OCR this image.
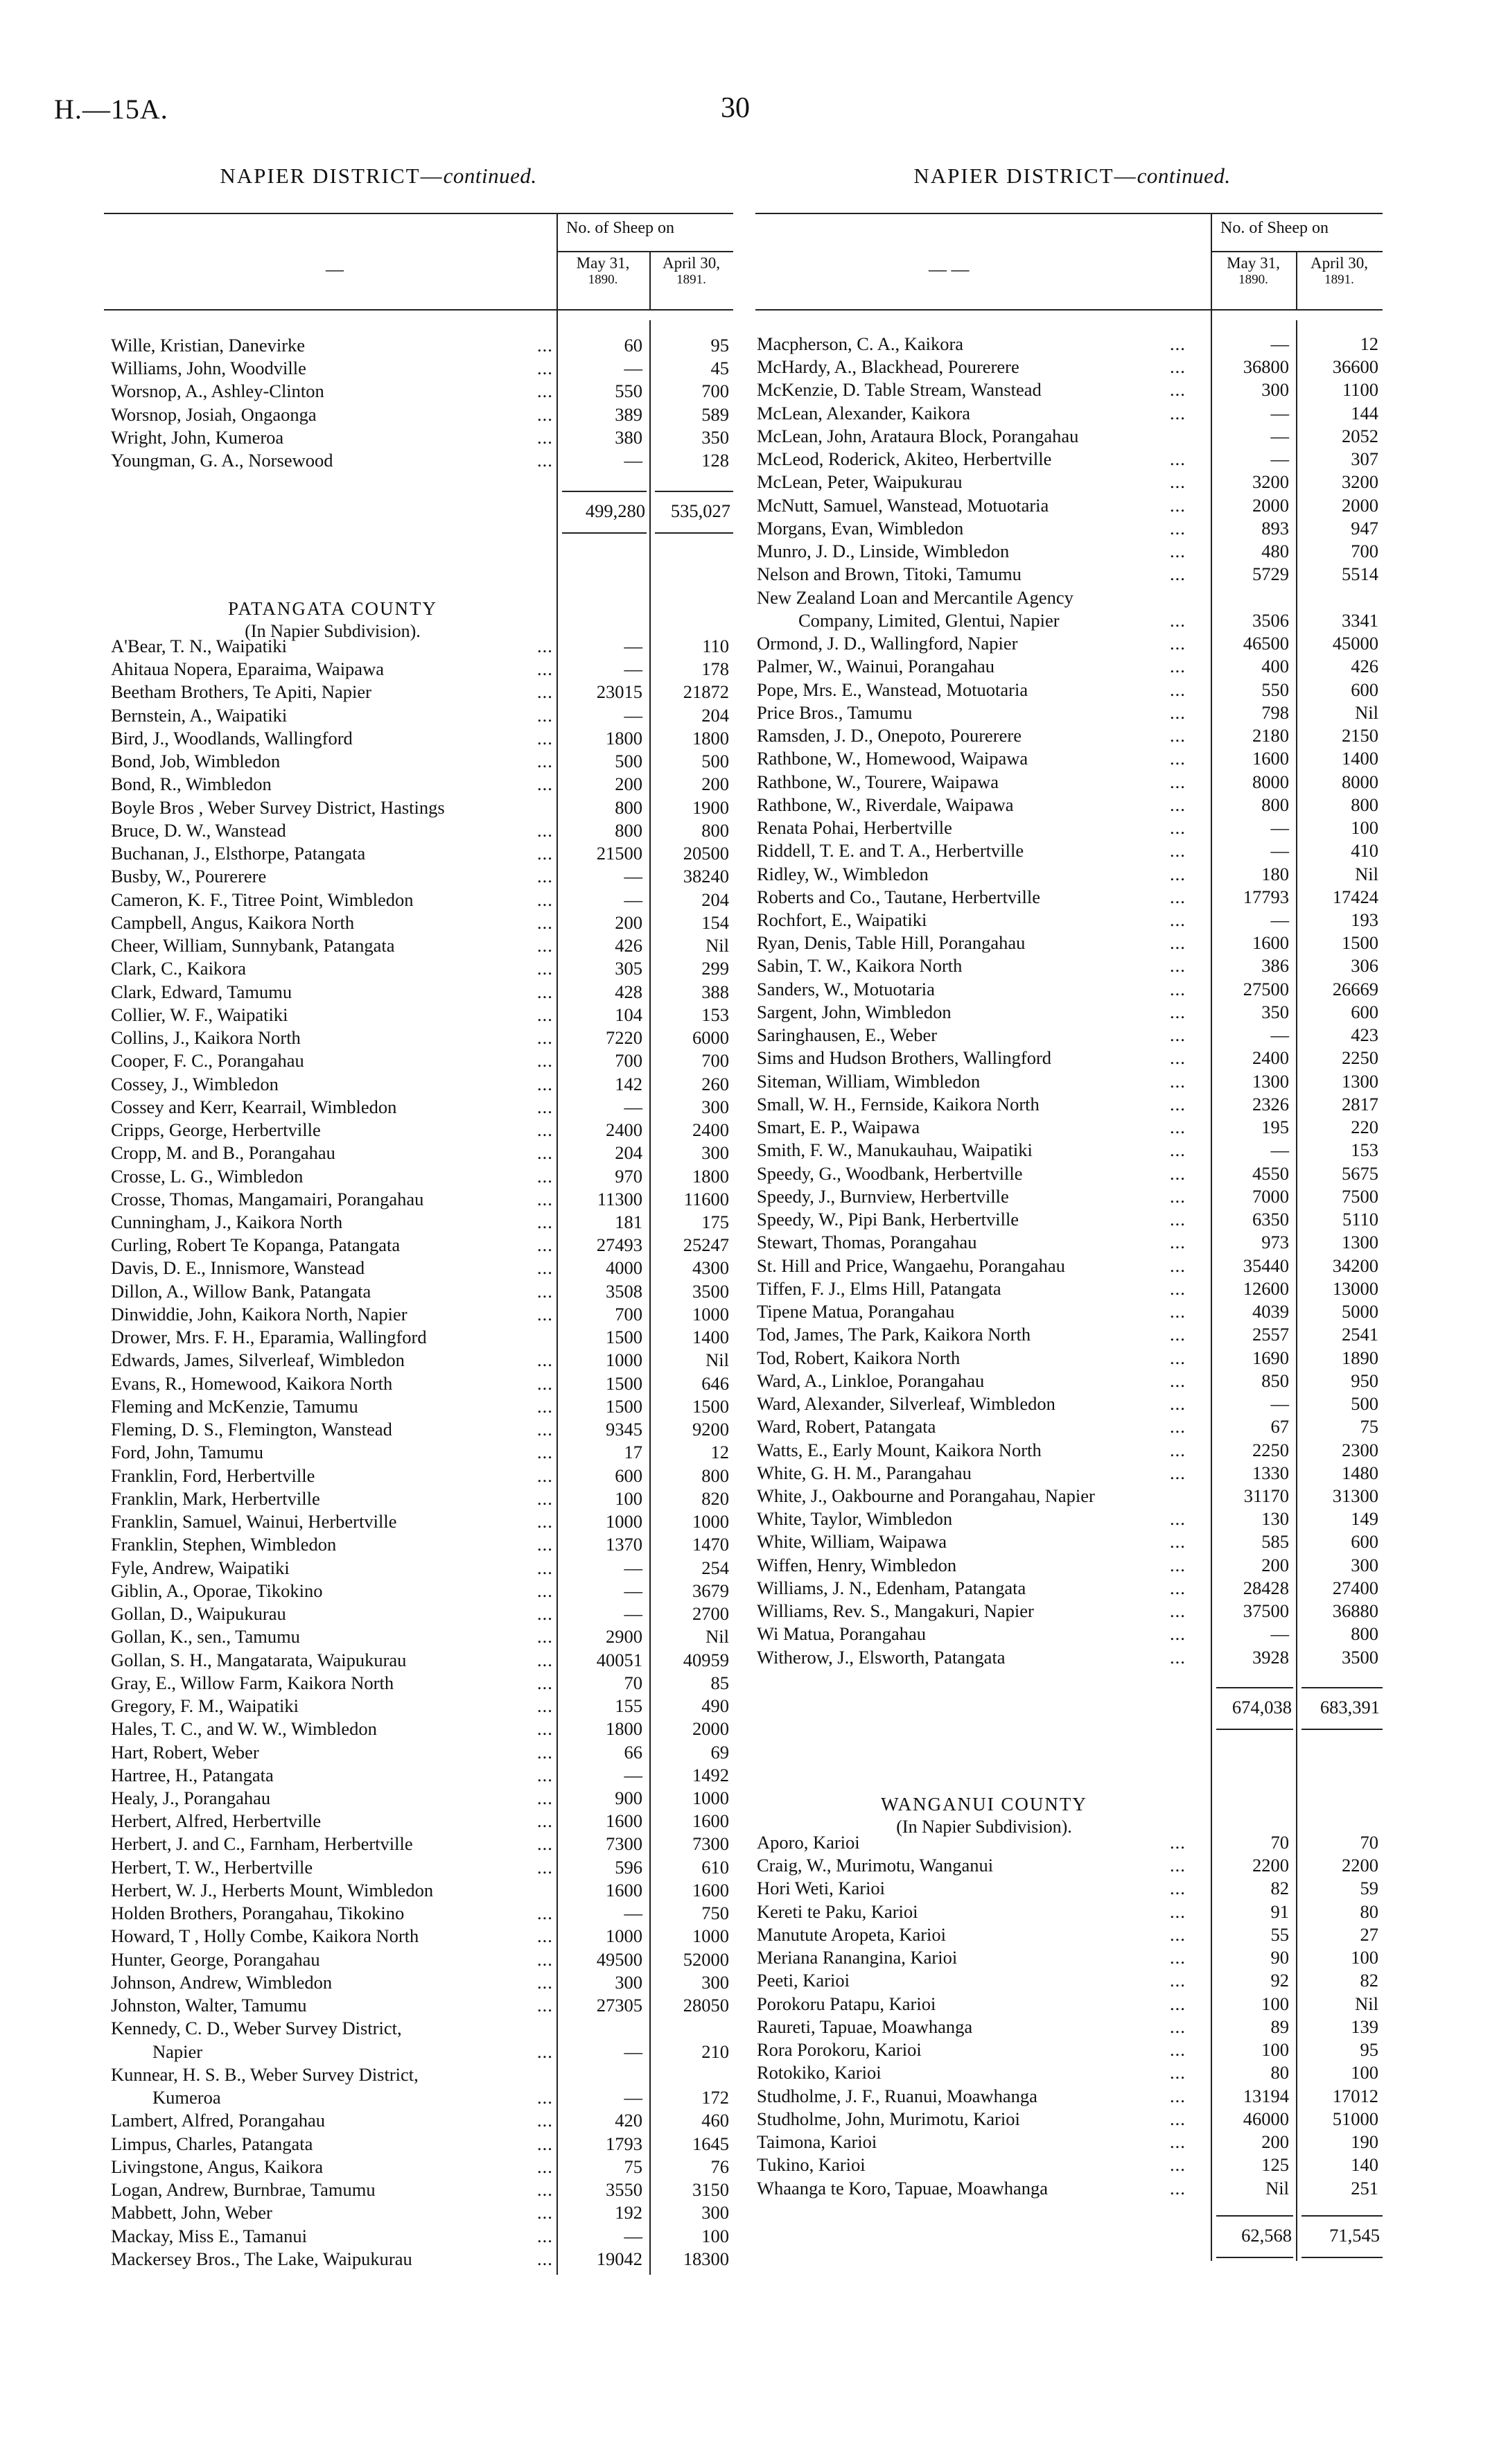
H.—15A.	30
NAPIER DISTRICT—continued.	NAPIER DISTRICT—continued.
—
No. of Sheep on
May 31,
1890.
April 30,
1891.
Wille, Kristian, Danevirke	...	60	95
Williams, John, Woodville	...	—	45
Worsnop, A., Ashley-Clinton	...	550	700
Worsnop, Josiah, Ongaonga	...	389	589
Wright, John, Kumeroa	...	380	350
Youngman, G. A., Norsewood	...	—	128
499,280	535,027
PATANGATA COUNTY
(In Napier Subdivision).
A'Bear, T. N., Waipatiki	...	—	110
Ahitaua Nopera, Eparaima, Waipawa	...	—	178
Beetham Brothers, Te Apiti, Napier	...	23015	21872
Bernstein, A., Waipatiki	...	—	204
Bird, J., Woodlands, Wallingford	...	1800	1800
Bond, Job, Wimbledon	...	500	500
Bond, R., Wimbledon	...	200	200
Boyle Bros , Weber Survey District, Hastings	800	1900
Bruce, D. W., Wanstead	...	800	800
Buchanan, J., Elsthorpe, Patangata	...	21500	20500
Busby, W., Pourerere	...	—	38240
Cameron, K. F., Titree Point, Wimbledon	...	—	204
Campbell, Angus, Kaikora North	...	200	154
Cheer, William, Sunnybank, Patangata	...	426	Nil
Clark, C., Kaikora	...	305	299
Clark, Edward, Tamumu	...	428	388
Collier, W. F., Waipatiki	...	104	153
Collins, J., Kaikora North	...	7220	6000
Cooper, F. C., Porangahau	...	700	700
Cossey, J., Wimbledon	...	142	260
Cossey and Kerr, Kearrail, Wimbledon	...	—	300
Cripps, George, Herbertville	...	2400	2400
Cropp, M. and B., Porangahau	...	204	300
Crosse, L. G., Wimbledon	...	970	1800
Crosse, Thomas, Mangamairi, Porangahau	...	11300	11600
Cunningham, J., Kaikora North	...	181	175
Curling, Robert Te Kopanga, Patangata	...	27493	25247
Davis, D. E., Innismore, Wanstead	...	4000	4300
Dillon, A., Willow Bank, Patangata	...	3508	3500
Dinwiddie, John, Kaikora North, Napier	...	700	1000
Drower, Mrs. F. H., Eparamia, Wallingford	1500	1400
Edwards, James, Silverleaf, Wimbledon	...	1000	Nil
Evans, R., Homewood, Kaikora North	...	1500	646
Fleming and McKenzie, Tamumu	...	1500	1500
Fleming, D. S., Flemington, Wanstead	...	9345	9200
Ford, John, Tamumu	...	17	12
Franklin, Ford, Herbertville	...	600	800
Franklin, Mark, Herbertville	...	100	820
Franklin, Samuel, Wainui, Herbertville	...	1000	1000
Franklin, Stephen, Wimbledon	...	1370	1470
Fyle, Andrew, Waipatiki	...	—	254
Giblin, A., Oporae, Tikokino	...	—	3679
Gollan, D., Waipukurau	...	—	2700
Gollan, K., sen., Tamumu	...	2900	Nil
Gollan, S. H., Mangatarata, Waipukurau	...	40051	40959
Gray, E., Willow Farm, Kaikora North	...	70	85
Gregory, F. M., Waipatiki	...	155	490
Hales, T. C., and W. W., Wimbledon	...	1800	2000
Hart, Robert, Weber	...	66	69
Hartree, H., Patangata	...	—	1492
Healy, J., Porangahau	...	900	1000
Herbert, Alfred, Herbertville	...	1600	1600
Herbert, J. and C., Farnham, Herbertville	...	7300	7300
Herbert, T. W., Herbertville	...	596	610
Herbert, W. J., Herberts Mount, Wimbledon	1600	1600
Holden Brothers, Porangahau, Tikokino	...	—	750
Howard, T , Holly Combe, Kaikora North	...	1000	1000
Hunter, George, Porangahau	...	49500	52000
Johnson, Andrew, Wimbledon	...	300	300
Johnston, Walter, Tamumu	...	27305	28050
Kennedy, C. D., Weber Survey District,
Napier	...	—	210
Kunnear, H. S. B., Weber Survey District,
Kumeroa	...	—	172
Lambert, Alfred, Porangahau	...	420	460
Limpus, Charles, Patangata	...	1793	1645
Livingstone, Angus, Kaikora	...	75	76
Logan, Andrew, Burnbrae, Tamumu	...	3550	3150
Mabbett, John, Weber	...	192	300
Mackay, Miss E., Tamanui	...	—	100
Mackersey Bros., The Lake, Waipukurau	...	19042	18300
— —
No. of Sheep on
May 31,
1890.
April 30,
1891.
Macpherson, C. A., Kaikora	...	—	12
McHardy, A., Blackhead, Pourerere	...	36800	36600
McKenzie, D. Table Stream, Wanstead	...	300	1100
McLean, Alexander, Kaikora	...	—	144
McLean, John, Arataura Block, Porangahau	—	2052
McLeod, Roderick, Akiteo, Herbertville	...	—	307
McLean, Peter, Waipukurau	...	3200	3200
McNutt, Samuel, Wanstead, Motuotaria	...	2000	2000
Morgans, Evan, Wimbledon	...	893	947
Munro, J. D., Linside, Wimbledon	...	480	700
Nelson and Brown, Titoki, Tamumu	...	5729	5514
New Zealand Loan and Mercantile Agency
Company, Limited, Glentui, Napier	...	3506	3341
Ormond, J. D., Wallingford, Napier	...	46500	45000
Palmer, W., Wainui, Porangahau	...	400	426
Pope, Mrs. E., Wanstead, Motuotaria	...	550	600
Price Bros., Tamumu	...	798	Nil
Ramsden, J. D., Onepoto, Pourerere	...	2180	2150
Rathbone, W., Homewood, Waipawa	...	1600	1400
Rathbone, W., Tourere, Waipawa	...	8000	8000
Rathbone, W., Riverdale, Waipawa	...	800	800
Renata Pohai, Herbertville	...	—	100
Riddell, T. E. and T. A., Herbertville	...	—	410
Ridley, W., Wimbledon	...	180	Nil
Roberts and Co., Tautane, Herbertville	...	17793	17424
Rochfort, E., Waipatiki	...	—	193
Ryan, Denis, Table Hill, Porangahau	...	1600	1500
Sabin, T. W., Kaikora North	...	386	306
Sanders, W., Motuotaria	...	27500	26669
Sargent, John, Wimbledon	...	350	600
Saringhausen, E., Weber	...	—	423
Sims and Hudson Brothers, Wallingford	...	2400	2250
Siteman, William, Wimbledon	...	1300	1300
Small, W. H., Fernside, Kaikora North	...	2326	2817
Smart, E. P., Waipawa	...	195	220
Smith, F. W., Manukauhau, Waipatiki	...	—	153
Speedy, G., Woodbank, Herbertville	...	4550	5675
Speedy, J., Burnview, Herbertville	...	7000	7500
Speedy, W., Pipi Bank, Herbertville	...	6350	5110
Stewart, Thomas, Porangahau	...	973	1300
St. Hill and Price, Wangaehu, Porangahau	...	35440	34200
Tiffen, F. J., Elms Hill, Patangata	...	12600	13000
Tipene Matua, Porangahau	...	4039	5000
Tod, James, The Park, Kaikora North	...	2557	2541
Tod, Robert, Kaikora North	...	1690	1890
Ward, A., Linkloe, Porangahau	...	850	950
Ward, Alexander, Silverleaf, Wimbledon	...	—	500
Ward, Robert, Patangata	...	67	75
Watts, E., Early Mount, Kaikora North	...	2250	2300
White, G. H. M., Parangahau	...	1330	1480
White, J., Oakbourne and Porangahau, Napier	31170	31300
White, Taylor, Wimbledon	...	130	149
White, William, Waipawa	...	585	600
Wiffen, Henry, Wimbledon	...	200	300
Williams, J. N., Edenham, Patangata	...	28428	27400
Williams, Rev. S., Mangakuri, Napier	...	37500	36880
Wi Matua, Porangahau	...	—	800
Witherow, J., Elsworth, Patangata	...	3928	3500
674,038	683,391
WANGANUI COUNTY
(In Napier Subdivision).
Aporo, Karioi	...	70	70
Craig, W., Murimotu, Wanganui	...	2200	2200
Hori Weti, Karioi	...	82	59
Kereti te Paku, Karioi	...	91	80
Manutute Aropeta, Karioi	...	55	27
Meriana Ranangina, Karioi	...	90	100
Peeti, Karioi	...	92	82
Porokoru Patapu, Karioi	...	100	Nil
Raureti, Tapuae, Moawhanga	...	89	139
Rora Porokoru, Karioi	...	100	95
Rotokiko, Karioi	...	80	100
Studholme, J. F., Ruanui, Moawhanga	...	13194	17012
Studholme, John, Murimotu, Karioi	...	46000	51000
Taimona, Karioi	...	200	190
Tukino, Karioi	...	125	140
Whaanga te Koro, Tapuae, Moawhanga	...	Nil	251
62,568	71,545
